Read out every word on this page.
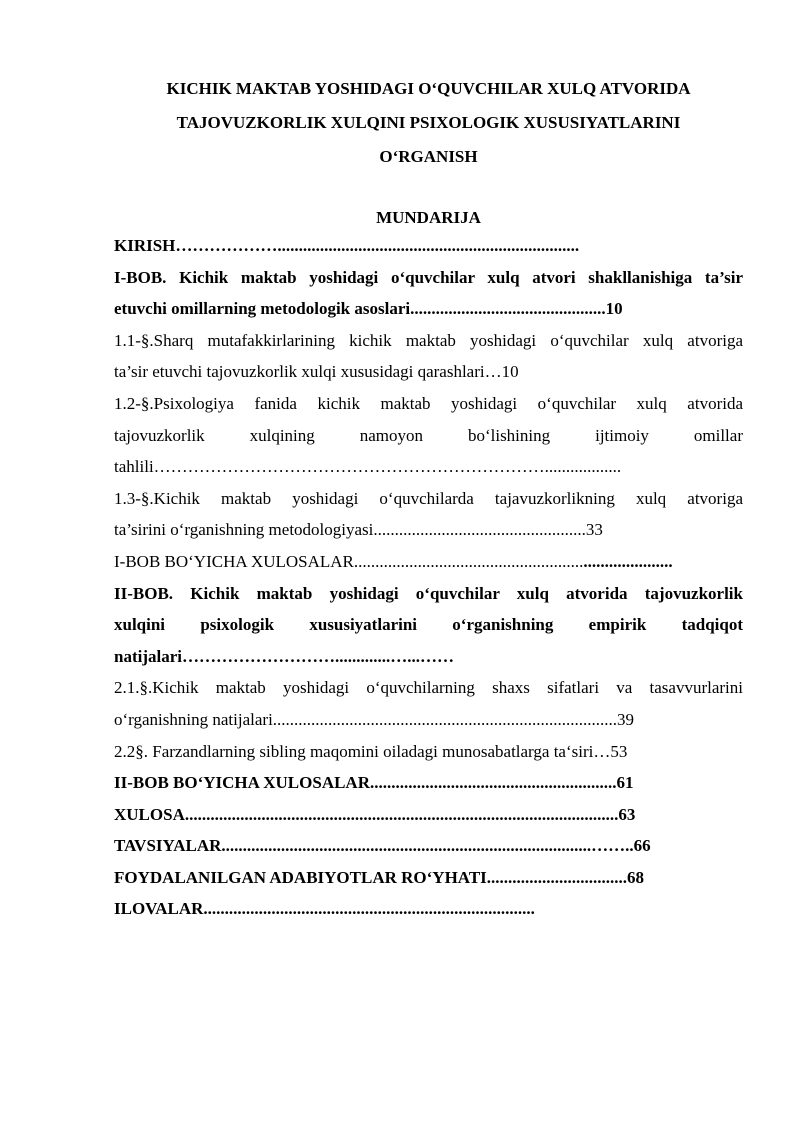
KICHIK MAKTAB YOSHIDAGI O‘QUVCHILAR XULQ ATVORIDA
TAJOVUZKORLIK XULQINI PSIXOLOGIK XUSUSIYATLARINI
O‘RGANISH
MUNDARIJA
KIRISH……………….......................................................................
I-BOB. Kichik maktab yoshidagi o‘quvchilar xulq atvori shakllanishiga ta’sir
etuvchi omillarning metodologik asoslari..............................................10
1.1-§.Sharq mutafakkirlarining kichik maktab yoshidagi o‘quvchilar xulq atvoriga
ta’sir etuvchi tajovuzkorlik xulqi xususidagi qarashlari…10
1.2-§.Psixologiya fanida kichik maktab yoshidagi o‘quvchilar xulq atvorida
tajovuzkorlik xulqining namoyon bo‘lishining ijtimoiy omillar
tahlili……………………………………………………………..................
1.3-§.Kichik maktab yoshidagi o‘quvchilarda tajavuzkorlikning xulq atvoriga
ta’sirini o‘rganishning metodologiyasi..................................................33
I-BOB BO‘YICHA XULOSALAR...........................................................................
II-BOB. Kichik maktab yoshidagi o‘quvchilar xulq atvorida tajovuzkorlik
xulqini psixologik xususiyatlarini o‘rganishning empirik tadqiqot
natijalari……………………….............…...……
2.1.§.Kichik maktab yoshidagi o‘quvchilarning shaxs sifatlari va tasavvurlarini
o‘rganishning natijalari.................................................................................39
2.2§. Farzandlarning sibling maqomini oiladagi munosabatlarga ta‘siri…53
II-BOB BO‘YICHA XULOSALAR..........................................................61
XULOSA......................................................................................................63
TAVSIYALAR.......................................................................................……..66
FOYDALANILGAN ADABIYOTLAR RO‘YHATI.................................68
ILOVALAR..............................................................................
